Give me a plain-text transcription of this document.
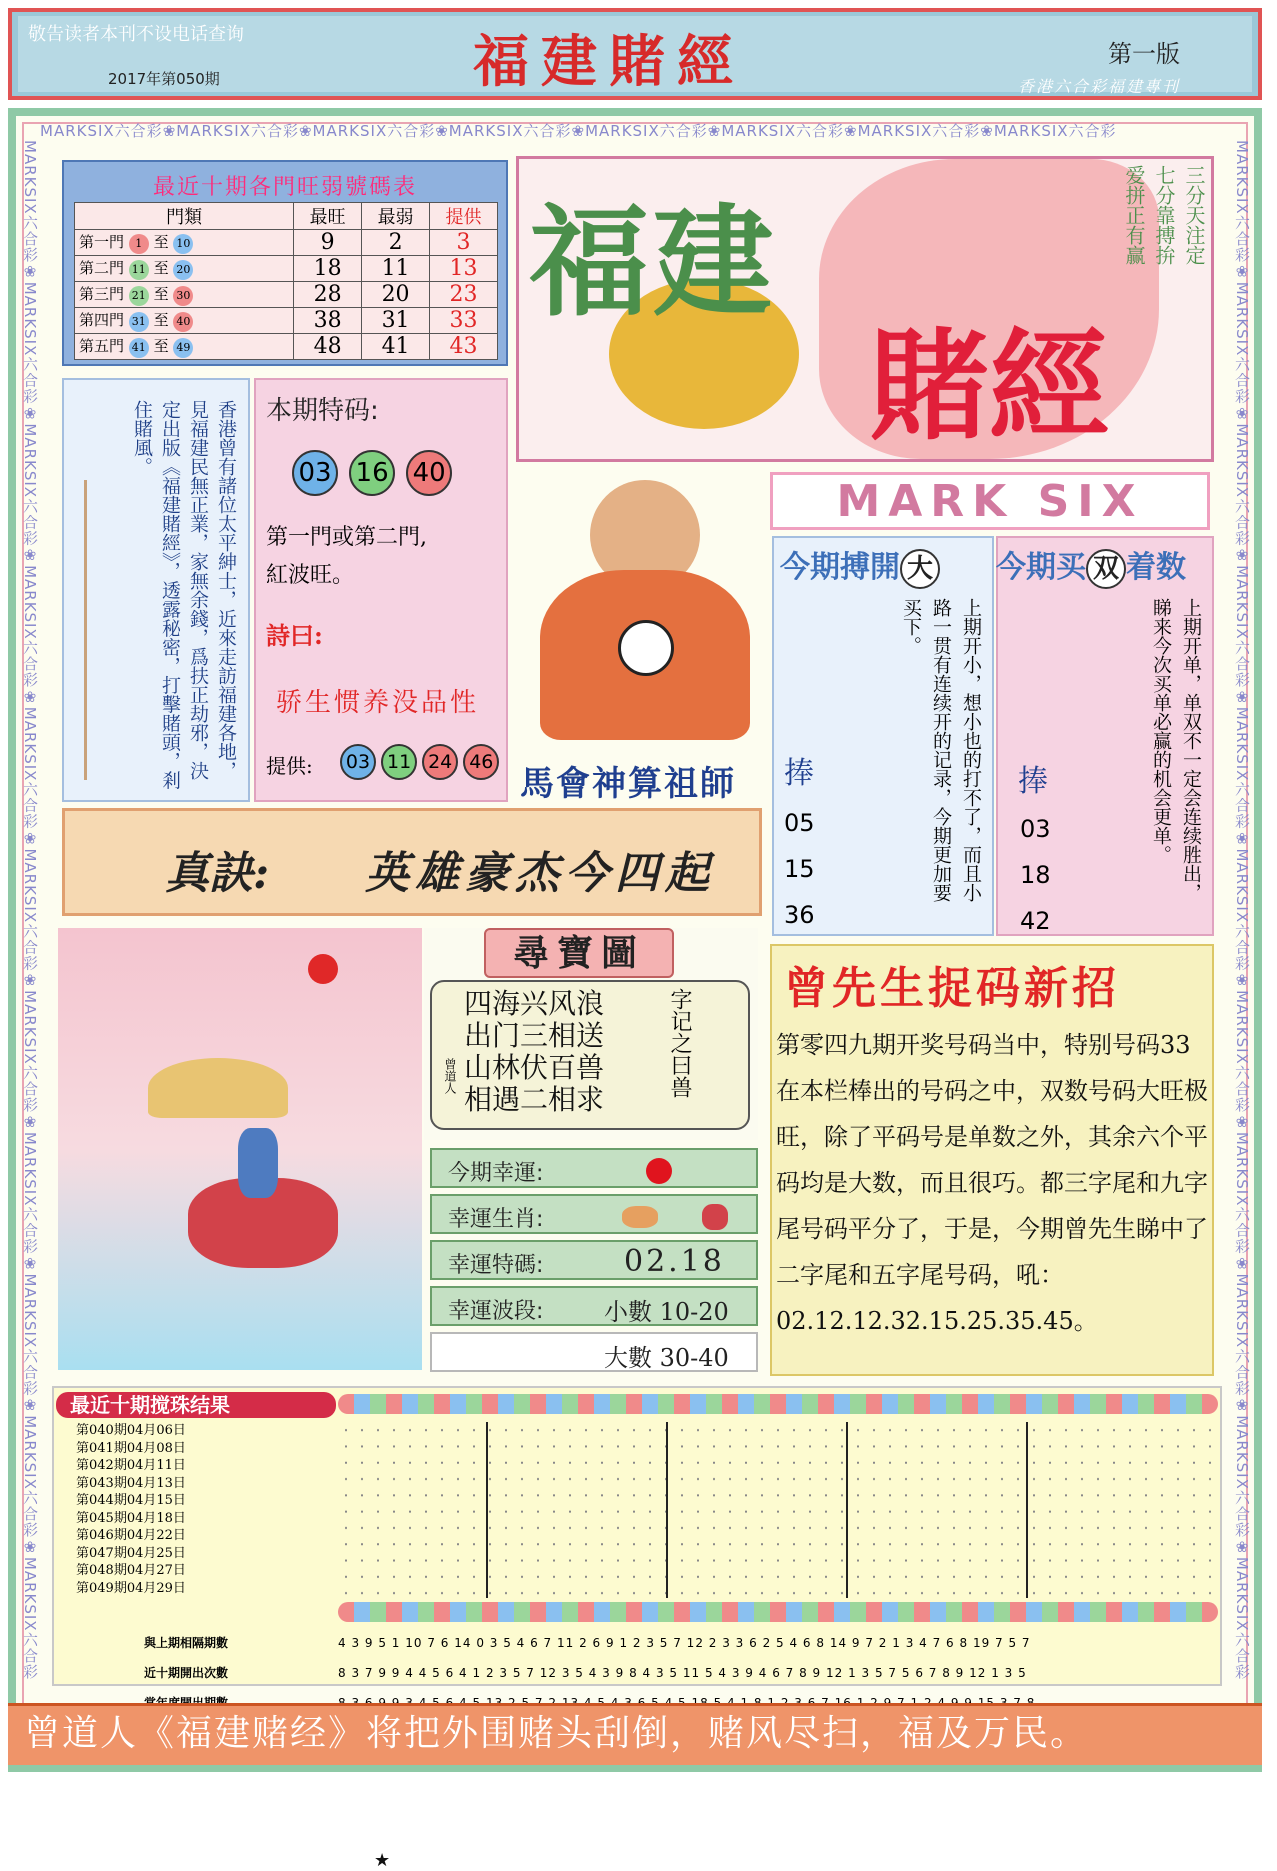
敬告读者本刊不设电话查询
2017年第050期	福建賭經	第一版
香港六合彩福建專刊
MARKSIX六合彩❀MARKSIX六合彩❀MARKSIX六合彩❀MARKSIX六合彩❀MARKSIX六合彩❀MARKSIX六合彩❀MARKSIX六合彩❀MARKSIX六合彩
MARKSIX六合彩❀MARKSIX六合彩❀MARKSIX六合彩❀MARKSIX六合彩❀MARKSIX六合彩❀MARKSIX六合彩❀MARKSIX六合彩❀MARKSIX六合彩❀MARKSIX六合彩❀MARKSIX六合彩❀MARKSIX六合彩
MARKSIX六合彩❀MARKSIX六合彩❀MARKSIX六合彩❀MARKSIX六合彩❀MARKSIX六合彩❀MARKSIX六合彩❀MARKSIX六合彩❀MARKSIX六合彩❀MARKSIX六合彩❀MARKSIX六合彩❀MARKSIX六合彩
最近十期各門旺弱號碼表
門類	最旺	最弱	提供
第一門 1 至 10	9	2	3
第二門 11 至 20	18	11	13
第三門 21 至 30	28	20	23
第四門 31 至 40	38	31	33
第五門 41 至 49	48	41	43
福建
賭經
三分天注定
七分靠搏拚
爱拼正有赢
香港曾有諸位太平紳士，近來走訪福建各地，見福建民無正業，家無余錢，爲扶正劫邪，決定出版《福建賭經》，透露秘密，打擊賭頭，剎住賭風。	本期特码:
03 16 40
第一門或第二門,
紅波旺。
詩曰:
骄生惯养没品性
提供:	03 11 24 46
馬會神算祖師
MARK SIX
今期搏開 大
上期开小，想小也的打不了，而且小路一贯有连续开的记录，今期更加要买下。
捧
05
15
36
今期买 双 着数
上期开单，单双不一定会连续胜出，睇来今次买单必赢的机会更单。
捧
03
18
42
真訣: 英雄豪杰今四起
尋寶圖
四海兴风浪
出门三相送
山林伏百兽
相遇二相求
字记之曰兽
曾道人
今期幸運:
幸運生肖:
幸運特碼:	02.18
幸運波段:	小數 10-20
大數 30-40
曾先生捉码新招
第零四九期开奖号码当中，特别号码33在本栏棒出的号码之中，双数号码大旺极旺，除了平码号是单数之外，其余六个平码均是大数，而且很巧。都三字尾和九字尾号码平分了，于是，今期曾先生睇中了二字尾和五字尾号码，吼：02.12.12.32.15.25.35.45。
最近十期搅珠结果
第040期04月06日
第041期04月08日
第042期04月11日
第043期04月13日
第044期04月15日
第045期04月18日
第046期04月22日
第047期04月25日
第048期04月27日
第049期04月29日
與上期相隔期數
近十期開出次數
4 3 9 5 1 10 7 6 14 0 3 5 4 6 7 11 2 6 9 1 2 3 5 7 12 2 3 3 6 2 5 4 6 8 14 9 7 2 1 3 4 7 6 8 19 7 5 7
8 3 7 9 9 4 4 5 6 4 1 2 3 5 7 12 3 5 4 3 9 8 4 3 5 11 5 4 3 9 4 6 7 8 9 12 1 3 5 7 5 6 7 8 9 12 1 3 5
曾道人《福建赌经》将把外围赌头刮倒，赌风尽扫，福及万民。
★
